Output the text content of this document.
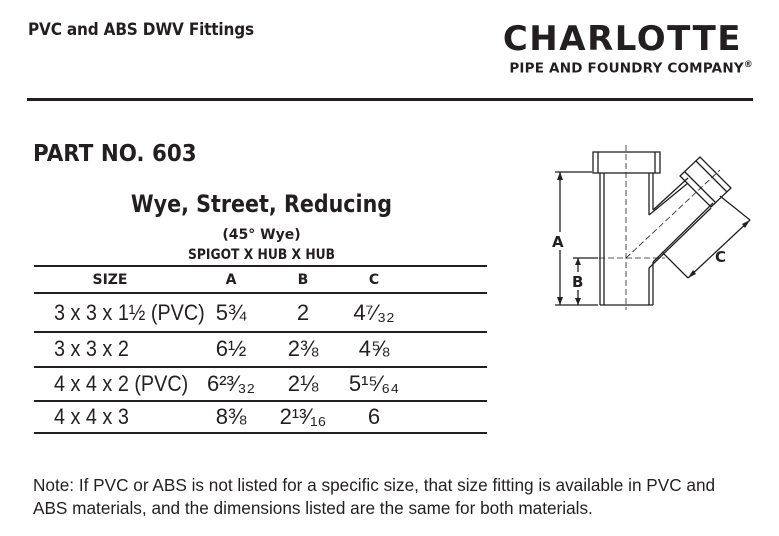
PVC and ABS DWV Fittings	CHARLOTTE
PIPE AND FOUNDRY COMPANY®
PART NO. 603
Wye, Street, Reducing
(45° Wye)
SPIGOT X HUB X HUB
SIZE	A	B	C
3 x 3 x 1½ (PVC) 5¾	2	4⁷⁄₃₂
3 x 3 x 2	6½	2⅜	4⅝
4 x 4 x 2 (PVC) 6²³⁄₃₂	2⅛	5¹⁵⁄₆₄
4 x 4 x 3	8⅜	2¹³⁄₁₆	6
A
B
C
Note: If PVC or ABS is not listed for a specific size, that size fitting is available in PVC and ABS materials, and the dimensions listed are the same for both materials.
